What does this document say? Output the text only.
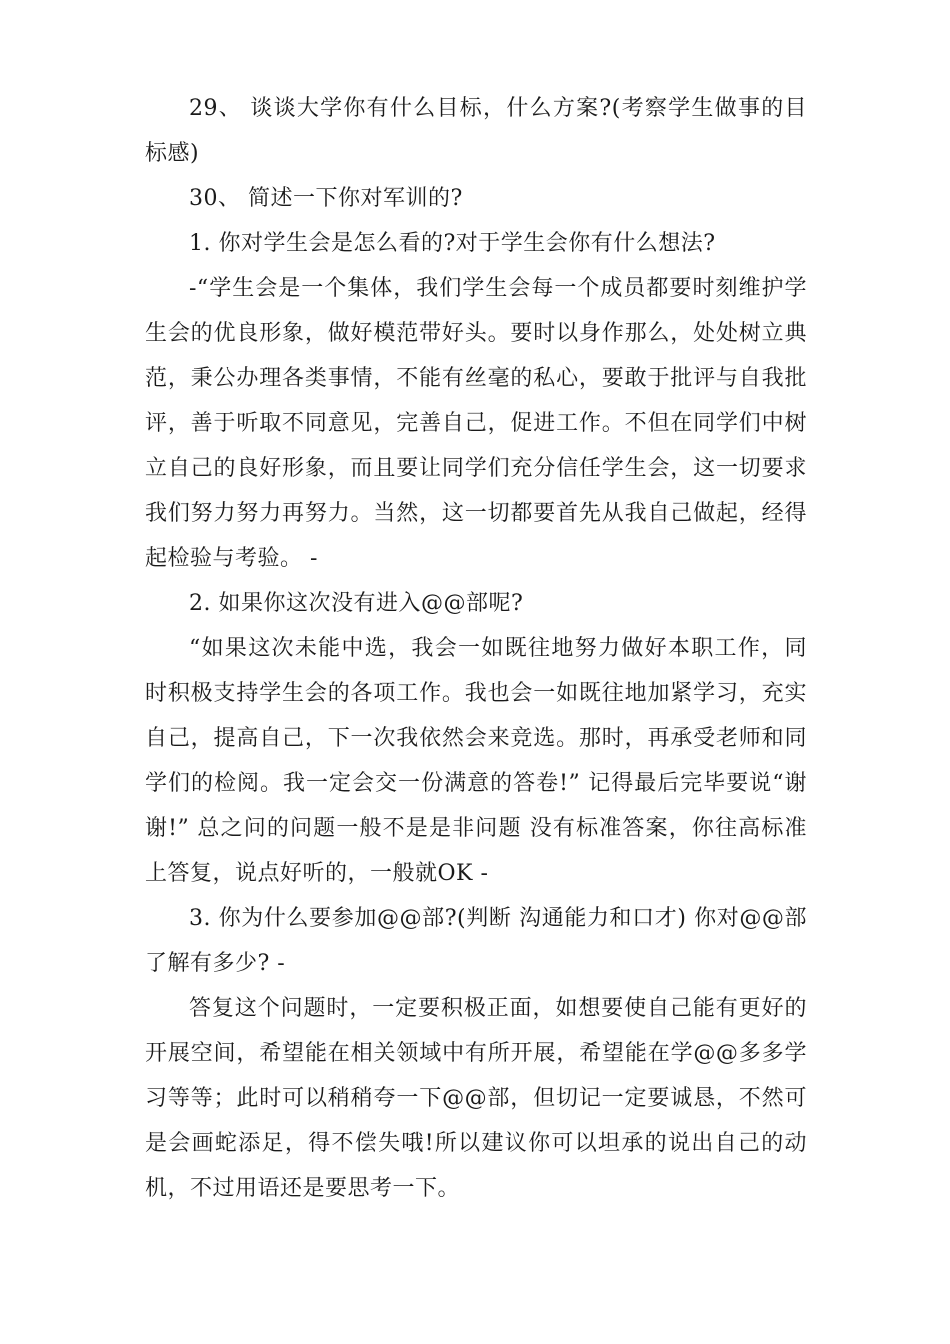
29、 谈谈大学你有什么目标，什么方案?(考察学生做事的目标感)

30、 简述一下你对军训的?

1. 你对学生会是怎么看的?对于学生会你有什么想法?

-“学生会是一个集体，我们学生会每一个成员都要时刻维护学生会的优良形象，做好模范带好头。要时以身作那么，处处树立典范，秉公办理各类事情，不能有丝毫的私心，要敢于批评与自我批评，善于听取不同意见，完善自己，促进工作。不但在同学们中树立自己的良好形象，而且要让同学们充分信任学生会，这一切要求我们努力努力再努力。当然，这一切都要首先从我自己做起，经得起检验与考验。 -

2. 如果你这次没有进入@@部呢?

“如果这次未能中选，我会一如既往地努力做好本职工作，同时积极支持学生会的各项工作。我也会一如既往地加紧学习，充实自己，提高自己，下一次我依然会来竞选。那时，再承受老师和同学们的检阅。我一定会交一份满意的答卷!” 记得最后完毕要说“谢谢!” 总之问的问题一般不是是非问题 没有标准答案，你往高标准上答复，说点好听的，一般就OK -

3. 你为什么要参加@@部?(判断 沟通能力和口才) 你对@@部了解有多少? -

答复这个问题时，一定要积极正面，如想要使自己能有更好的开展空间，希望能在相关领域中有所开展，希望能在学@@多多学习等等；此时可以稍稍夸一下@@部，但切记一定要诚恳，不然可是会画蛇添足，得不偿失哦!所以建议你可以坦承的说出自己的动机，不过用语还是要思考一下。
